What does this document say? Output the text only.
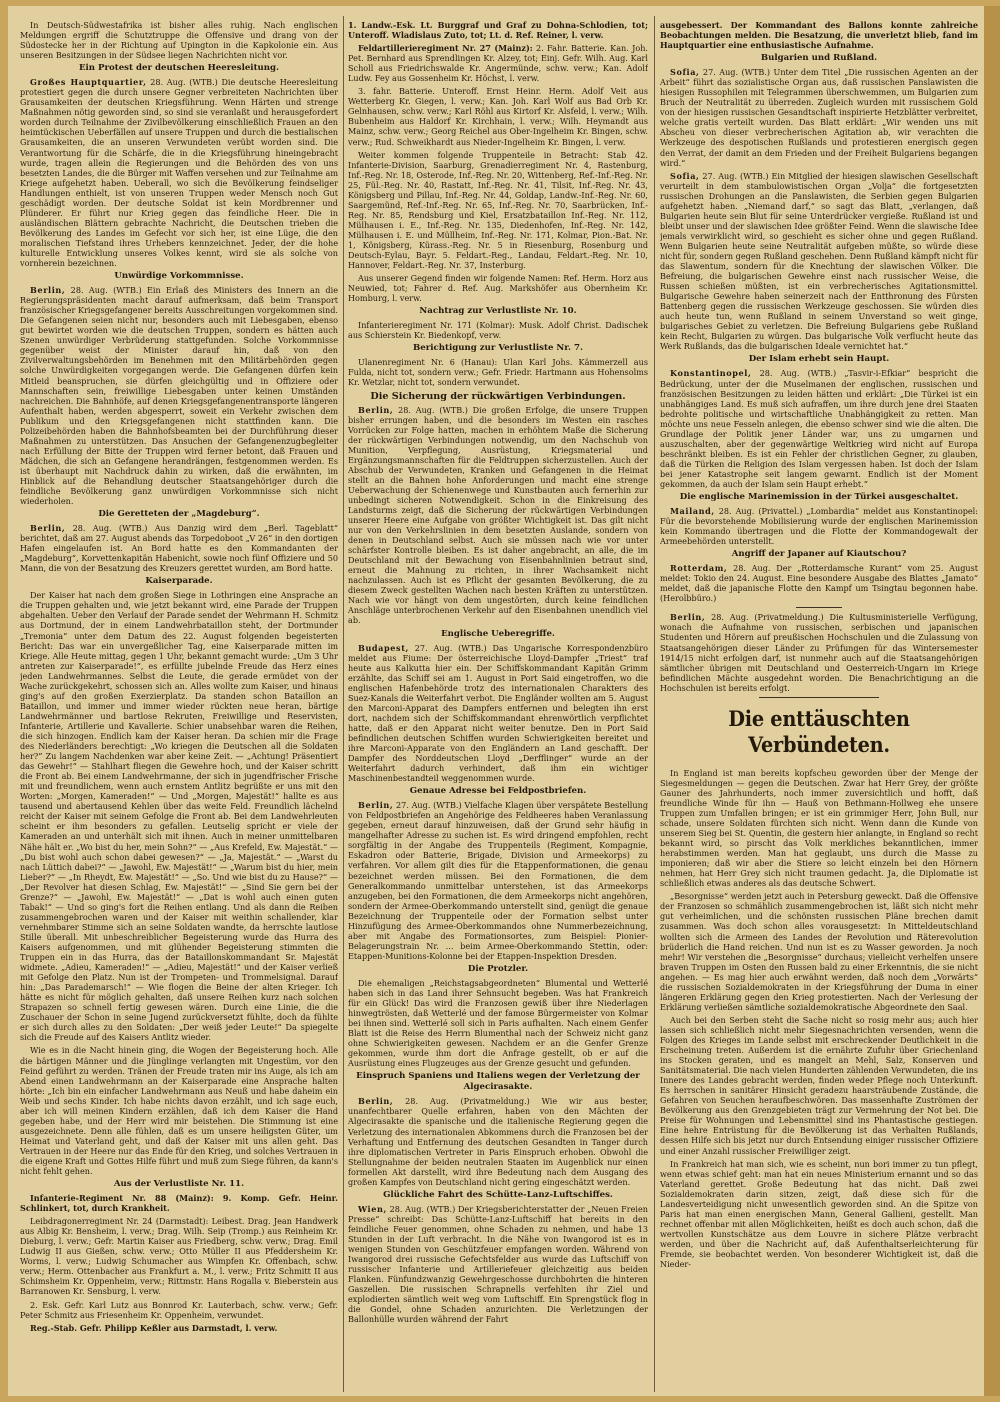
In Deutsch-Südwestafrika ist bisher alles ruhig. Nach englischen Meldungen ergriff die Schutztruppe die Offensive und drang von der Südostecke her in der Richtung auf Upington in die Kapkolonie ein. Aus unseren Besitzungen in der Südsee liegen Nachrichten nicht vor.

Ein Protest der deutschen Heeresleitung.

Großes Hauptquartier, 28. Aug. (WTB.) Die deutsche Heeresleitung protestiert gegen die durch unsere Gegner verbreiteten Nachrichten über Grausamkeiten der deutschen Kriegsführung. Wenn Härten und strenge Maßnahmen nötig geworden sind, so sind sie veranlaßt und herausgefordert worden durch Teilnahme der Zivilbevölkerung einschließlich Frauen an den heimtückischen Ueberfällen auf unsere Truppen und durch die bestialischen Grausamkeiten, die an unseren Verwundeten verübt worden sind. Die Verantwortung für die Schärfe, die in die Kriegsführung hineingebracht wurde, tragen allein die Regierungen und die Behörden des von uns besetzten Landes, die die Bürger mit Waffen versehen und zur Teilnahme am Kriege aufgehetzt haben. Ueberall, wo sich die Bevölkerung feindseliger Handlungen enthielt, ist von unseren Truppen weder Mensch noch Gut geschädigt worden. Der deutsche Soldat ist kein Mordbrenner und Plünderer. Er führt nur Krieg gegen das feindliche Heer. Die in ausländischen Blättern gebrachte Nachricht, die Deutschen trieben die Bevölkerung des Landes im Gefecht vor sich her, ist eine Lüge, die den moralischen Tiefstand ihres Urhebers kennzeichnet. Jeder, der die hohe kulturelle Entwicklung unseres Volkes kennt, wird sie als solche von vornherein bezeichnen.

Unwürdige Vorkommnisse.

Berlin, 28. Aug. (WTB.) Ein Erlaß des Ministers des Innern an die Regierungspräsidenten macht darauf aufmerksam, daß beim Transport französischer Kriegsgefangener bereits Ausschreitungen vorgekommen sind. Die Gefangenen seien nicht nur, besonders auch mit Liebesgaben, ebenso gut bewirtet worden wie die deutschen Truppen, sondern es hätten auch Szenen unwürdiger Verbrüderung stattgefunden. Solche Vorkommnisse gegenüber weist der Minister darauf hin, daß von den Zivilverwaltungsbehörden im Benehmen mit den Militärbehörden gegen solche Unwürdigkeiten vorgegangen werde. Die Gefangenen dürfen kein Mitleid beanspruchen, sie dürfen gleichgültig und in Offiziere oder Mannschaften sein, freiwillige Liebesgaben unter keinen Umständen nachreichen. Die Bahnhöfe, auf denen Kriegsgefangenentransporte längeren Aufenthalt haben, werden abgesperrt, soweit ein Verkehr zwischen dem Publikum und den Kriegsgefangenen nicht stattfinden kann. Die Polizeibehörden haben die Bahnhofsbeamten bei der Durchführung dieser Maßnahmen zu unterstützen. Das Ansuchen der Gefangenenzugbegleiter nach Erfüllung der Bitte der Truppen wird ferner betont, daß Frauen und Mädchen, die sich an Gefangene herandrängen, festgenommen werden. Es ist überhaupt mit Nachdruck dahin zu wirken, daß die erwähnten, im Hinblick auf die Behandlung deutscher Staatsangehöriger durch die feindliche Bevölkerung ganz unwürdigen Vorkommnisse sich nicht wiederholen.

Die Geretteten der „Magdeburg“.

Berlin, 28. Aug. (WTB.) Aus Danzig wird dem „Berl. Tageblatt“ berichtet, daß am 27. August abends das Torpedoboot „V 26“ in den dortigen Hafen eingelaufen ist. An Bord hatte es den Kommandanten der „Magdeburg“, Korvettenkapitän Habenicht, sowie noch fünf Offiziere und 50 Mann, die von der Besatzung des Kreuzers gerettet wurden, am Bord hatte.

Kaiserparade.

Der Kaiser hat nach dem großen Siege in Lothringen eine Ansprache an die Truppen gehalten und, wie jetzt bekannt wird, eine Parade der Truppen abgehalten. Ueber den Verlauf der Parade sendet der Wehrmann H. Schmitz aus Dortmund, der in einem Landwehrbataillon steht, der Dortmunder „Tremonia“ unter dem Datum des 22. August folgenden begeisterten Bericht: Das war ein unvergeßlicher Tag, eine Kaiserparade mitten im Kriege. Alle Heute mittag, gegen 1 Uhr, bekannt gemacht wurde: „Um 3 Uhr antreten zur Kaiserparade!“, es erfüllte jubelnde Freude das Herz eines jeden Landwehrmannes. Selbst die Leute, die gerade ermüdet von der Wache zurückgekehrt, schossen sich an. Alles wollte zum Kaiser, und hinaus ging's auf den großen Exerzierplatz. Da standen schon Bataillon an Bataillon, und immer und immer wieder rückten neue heran, bärtige Landwehrmänner und bartlose Rekruten, Freiwillige und Reservisten, Infanterie, Artillerie und Kavallerie. Schier unabsehbar waren die Reihen, die sich hinzogen. Endlich kam der Kaiser heran. Da schien mir die Frage des Niederländers berechtigt: „Wo kriegen die Deutschen all die Soldaten her?“ Zu langem Nachdenken war aber keine Zeit. — „Achtung! Präsentiert das Gewehr!“ — Stahlhart fliegen die Gewehre hoch, und der Kaiser schritt die Front ab. Bei einem Landwehrmanne, der sich in jugendfrischer Frische mit und freundlichem, wenn auch ernstem Antlitz begrüßte er uns mit den Worten: „Morgen, Kameraden!“ — Und „Morgen, Majestät!“ hallte es aus tausend und abertausend Kehlen über das weite Feld. Freundlich lächelnd reicht der Kaiser mit seinem Gefolge die Front ab. Bei dem Landwehrleuten scheint er ihm besonders zu gefallen. Leutselig spricht er viele der Kameraden an und unterhält sich mit ihnen. Auch in meiner unmittelbaren Nähe hält er. „Wo bist du her, mein Sohn?“ — „Aus Krefeld, Ew. Majestät.“ — „Du bist wohl auch schon dabei gewesen?“ — „Ja, Majestät.“ — „Warst du nach Lüttich dabei?“ — „Jawohl, Ew. Majestät!“ — „Warum bist du hier, mein Lieber?“ — „In Rheydt, Ew. Majestät!“ — „So. Und wie bist du zu Hause?“ — „Der Revolver hat diesen Schlag, Ew. Majestät!“ — „Sind Sie gern bei der Grenze?“ — „Jawohl, Ew. Majestät!“ — „Dat is wohl auch einen guten Tabak!“ — Und so ging's fort die Reihen entlang. Und als dann die Reiben zusammengebrochen waren und der Kaiser mit weithin schallender, klar vernehmbarer Stimme sich an seine Soldaten wandte, da herrschte lautlose Stille überall. Mit unbeschreiblicher Begeisterung wurde das Hurra des Kaisers aufgenommen, und mit glühender Begeisterung stimmten die Truppen ein in das Hurra, das der Bataillonskommandant Sr. Majestät widmete. „Adieu, Kameraden!“ — „Adieu, Majestät!“ und der Kaiser verließ mit Gefolge den Platz. Nun ist der Trompeten- und Trommelsignal. Darauf hin: „Das Parademarsch!“ — Wie flogen die Beine der alten Krieger. Ich hätte es nicht für möglich gehalten, daß unsere Reihen kurz nach solchen Strapazen so schnell fertig gewesen wären. Durch eine Linie, die die Zuschauer der Schon in seine Jugend zurückversetzt fühlte, doch da fühlte er sich durch alles zu den Soldaten: „Der weiß jeder Leute!“ Da spiegelte sich die Freude auf des Kaisers Antlitz wieder.

Wie es in die Nacht hinein ging, die Wogen der Begeisterung hoch. Alle die bärtigen Männer und die Jünglinge verlangten mit Ungestüm, vor den Feind geführt zu werden. Tränen der Freude traten mir ins Auge, als ich am Abend einen Landwehrmann an der Kaiserparade eine Ansprache halten hörte: „Ich bin ein einfacher Landwehrmann aus Neuß und habe daheim ein Weib und sechs Kinder. Ich habe nichts davon erzählt, und ich sage euch, aber ich will meinen Kindern erzählen, daß ich dem Kaiser die Hand gegeben habe, und der Herr wird mir beistehen. Die Stimmung ist eine ausgezeichnete. Denn alle fühlen, daß es um unsere heiligsten Güter, um Heimat und Vaterland geht, und daß der Kaiser mit uns allen geht. Das Vertrauen in der Heere nur das Ende für den Krieg, und solches Vertrauen in die eigene Kraft und Gottes Hilfe führt und muß zum Siege führen, da kann's nicht fehlt gehen.

Aus der Verlustliste Nr. 11.

Infanterie-Regiment Nr. 88 (Mainz): 9. Komp. Gefr. Heinr. Schlinkert, tot, durch Krankheit.

Leibdragonerregiment Nr. 24 (Darmstadt): Leibest. Drag. Jean Handwerk aus Albig Kr. Bensheim, l. verw.; Drag. Wilh. Seip (Tromp.) aus Reinheim Kr. Dieburg, l. verw.; Gefr. Martin Kaiser aus Friedberg, schw. verw.; Drag. Emil Ludwig II aus Gießen, schw. verw.; Otto Müller II aus Pfeddersheim Kr. Worms, l. verw.; Ludwig Schumacher aus Wimpfen Kr. Offenbach, schw. verw.; Herm. Ottenbacher aus Frankfurt a. M., l. verw.; Fritz Schmitt II aus Schimsheim Kr. Oppenheim, verw.; Rittmstr. Hans Rogalla v. Bieberstein aus Barranowen Kr. Sensburg, l. verw.

2. Esk. Gefr. Karl Lutz aus Bonnrod Kr. Lauterbach, schw. verw.; Gefr. Peter Schmitz aus Friesenheim Kr. Oppenheim, verwundet.

Reg.-Stab. Gefr. Philipp Keßler aus Darmstadt, l. verw.

1. Landw.-Esk. Lt. Burggraf und Graf zu Dohna-Schlodien, tot; Unteroff. Wladislaus Zuto, tot; Lt. d. Ref. Reiner, l. verw.

Feldartillerieregiment Nr. 27 (Mainz): 2. Fahr. Batterie. Kan. Joh. Pet. Bernhard aus Sprendlingen Kr. Alzey, tot; Einj. Gefr. Wilh. Aug. Karl Scholl aus Friedrichswalde Kr. Angermünde, schw. verw.; Kan. Adolf Ludw. Fey aus Gossenheim Kr. Höchst, l. verw.

3. fahr. Batterie. Unteroff. Ernst Heinr. Herm. Adolf Veit aus Wetterberg Kr. Giegen, l. verw.; Kan. Joh. Karl Wolf aus Bad Orb Kr. Gelnhausen, schw. verw.; Karl Röhl aus Kirtorf Kr. Alsfeld, l. verw.; Wilh. Bubenheim aus Haldorf Kr. Kirchhain, l. verw.; Wilh. Heymandt aus Mainz, schw. verw.; Georg Reichel aus Ober-Ingelheim Kr. Bingen, schw. verw.; Rud. Schweikhardt aus Nieder-Ingelheim Kr. Bingen, l. verw.

Weiter kommen folgende Truppenteile in Betracht: Stab 42. Infanterie-Division, Saarburg, Grenadierregiment Nr. 4, Rastenburg, Inf.-Reg. Nr. 18, Osterode, Inf.-Reg. Nr. 20, Wittenberg, Ref.-Inf.-Reg. Nr. 25, Fül.-Reg. Nr. 40, Rastatt, Inf.-Reg. Nr. 41, Tilsit, Inf.-Reg. Nr. 43, Königsberg und Pillau, Inf.-Reg. Nr. 44, Goldap, Landw.-Inf.-Reg. Nr. 60, Saargemünd, Ref.-Inf.-Reg. Nr. 65, Inf.-Reg. Nr. 70, Saarbrücken, Inf.-Reg. Nr. 85, Rendsburg und Kiel, Ersatzbataillon Inf.-Reg. Nr. 112, Mülhausen i. E., Inf.-Reg. Nr. 135, Diedenhofen, Inf.-Reg. Nr. 142, Mülhausen i. E. und Müllheim, Inf.-Reg. Nr. 171, Kolmar, Pion.-Bat. Nr. 1, Königsberg, Kürass.-Reg. Nr. 5 in Riesenburg, Rosenburg und Deutsch-Eylau, Bayr. 5. Feldart.-Reg., Landau, Feldart.-Reg. Nr. 10, Hannover, Feldart.-Reg. Nr. 37, Insterburg.

Aus unserer Gegend finden wir folgende Namen: Ref. Herm. Horz aus Neuwied, tot; Fahrer d. Ref. Aug. Markshöfer aus Obernheim Kr. Homburg, l. verw.

Nachtrag zur Verlustliste Nr. 10.

Infanterieregiment Nr. 171 (Kolmar): Musk. Adolf Christ. Dadischek aus Schierstein Kr. Biedenkopf, verw.

Berichtigung zur Verlustliste Nr. 7.

Ulanenregiment Nr. 6 (Hanau): Ulan Karl Johs. Kämmerzell aus Fulda, nicht tot, sondern verw.; Gefr. Friedr. Hartmann aus Hohensolms Kr. Wetzlar, nicht tot, sondern verwundet.

Die Sicherung der rückwärtigen Verbindungen.

Berlin, 28. Aug. (WTB.) Die großen Erfolge, die unsere Truppen bisher errungen haben, und die besonders im Westen ein rasches Vorrücken zur Folge hatten, machen in erhöhtem Maße die Sicherung der rückwärtigen Verbindungen notwendig, um den Nachschub von Munition, Verpflegung, Ausrüstung, Kriegsmaterial und Ergänzungsmannschaften für die Feldtruppen sicherzustellen. Auch der Abschub der Verwundeten, Kranken und Gefangenen in die Heimat stellt an die Bahnen hohe Anforderungen und macht eine strenge Ueberwachung der Schienenwege und Kunstbauten auch fernerhin zur unbedingt sicheren Notwendigkeit. Schon in die Einkreisung des Landsturms zeigt, daß die Sicherung der rückwärtigen Verbindungen unserer Heere eine Aufgabe von größter Wichtigkeit ist. Das gilt nicht nur von den Verkehrslinien in dem besetzten Auslande, sondern von denen in Deutschland selbst. Auch sie müssen nach wie vor unter schärfster Kontrolle bleiben. Es ist daher angebracht, an alle, die im Deutschland mit der Bewachung von Eisenbahnlinien betraut sind, erneut die Mahnung zu richten, in ihrer Wachsamkeit nicht nachzulassen. Auch ist es Pflicht der gesamten Bevölkerung, die zu diesem Zweck gestellten Wachen nach besten Kräften zu unterstützen. Nach wie vor hängt von dem ungestörten, durch keine feindlichen Anschläge unterbrochenen Verkehr auf den Eisenbahnen unendlich viel ab.

Englische Ueberegriffe.

Budapest, 27. Aug. (WTB.) Das Ungarische Korrespondenzbüro meldet aus Fiume: Der österreichische Lloyd-Dampfer „Triest“ traf heute aus Kalkutta hier ein. Der Schiffskommandant Kapitän Grimm erzählte, das Schiff sei am 1. August in Port Said eingetroffen, wo die englischen Hafenbehörde trotz des internationalen Charakters des Suez-Kanals die Weiterfahrt verbot. Die Engländer wollten am 5. August den Marconi-Apparat des Dampfers entfernen und belegten ihn erst dort, nachdem sich der Schiffskommandant ehrenwörtlich verpflichtet hatte, daß er den Apparat nicht weiter benutze. Den in Port Said befindlichen deutschen Schiffen wurden Schwierigkeiten bereitet und ihre Marconi-Apparate von den Engländern an Land geschafft. Der Dampfer des Norddeutschen Lloyd „Derfflinger“ wurde an der Weiterfahrt dadurch verhindert, daß ihm ein wichtiger Maschinenbestandteil weggenommen wurde.

Genaue Adresse bei Feldpostbriefen.

Berlin, 27. Aug. (WTB.) Vielfache Klagen über verspätete Bestellung von Feldpostbriefen an Angehörige des Feldheeres haben Veranlassung gegeben, erneut darauf hinzuweisen, daß der Grund sehr häufig in mangelhafter Adresse zu suchen ist. Es wird dringend empfohlen, recht sorgfältig in der Angabe des Truppenteils (Regiment, Kompagnie, Eskadron oder Batterie, Brigade, Division und Armeekorps) zu verfahren. Vor allem gilt dies für die Etappenformationen, die genau bezeichnet werden müssen. Bei den Formationen, die dem Generalkommando unmittelbar unterstehen, ist das Armeekorps anzugeben, bei den Formationen, die dem Armeekorps nicht angehören, sondern der Armee-Oberkommando unterstellt sind, genügt die genaue Bezeichnung der Truppenteile oder der Formation selbst unter Hinzufügung des Armee-Oberkommandos ohne Nummerbezeichnung, aber mit Angabe des Formationsortes, zum Beispiel: Pionier-Belagerungstrain Nr. ... beim Armee-Oberkommando Stettin, oder: Etappen-Munitions-Kolonne bei der Etappen-Inspektion Dresden.

Die Protzler.

Die ehemaligen „Reichstagsabgeordneten“ Blumental und Wetterlé haben sich in das Land ihrer Sehnsucht begeben. Was hat Frankreich für ein Glück! Das wird die Franzosen gewiß über ihre Niederlagen hinwegtrösten, daß Wetterlé und der famose Bürgermeister von Kolmar bei ihnen sind. Wetterlé soll sich in Paris aufhalten. Nach einem Genfer Blatt ist die Reise des Herrn Blumenthal nach der Schweiz nicht ganz ohne Schwierigkeiten gewesen. Nachdem er an die Genfer Grenze gekommen, wurde ihm dort die Anfrage gestellt, ob er auf die Ausrüstung eines Flugzeuges aus der Grenze gesucht und gefunden.

Einspruch Spaniens und Italiens wegen der Verletzung der Algecirasakte.

Berlin, 28. Aug. (Privatmeldung.) Wie wir aus bester, unanfechtbarer Quelle erfahren, haben von den Mächten der Algecirasakte die spanische und die italienische Regierung gegen die Verletzung des internationalen Abkommens durch die Franzosen bei der Verhaftung und Entfernung des deutschen Gesandten in Tanger durch ihre diplomatischen Vertreter in Paris Einspruch erhoben. Obwohl die Stellungnahme der beiden neutralen Staaten im Augenblick nur einen formellen Akt darstellt, wird ihre Bedeutung nach dem Ausgang des großen Kampfes von Deutschland nicht gering eingeschätzt werden.

Glückliche Fahrt des Schütte-Lanz-Luftschiffes.

Wien, 28. Aug. (WTB.) Der Kriegsberichterstatter der „Neuen Freien Presse“ schreibt: Das Schütte-Lanz-Luftschiff hat bereits in den feindliche Feuer genommen, ohne Schaden zu nehmen, und habe 13 Stunden in der Luft verbracht. In die Nähe von Iwangorod ist es in wenigen Stunden von Geschützfeuer empfangen worden. Während von Iwangorod drei russische Gefechtsfelder aus wurde das Luftschiff von russischer Infanterie und Artilleriefeuer gleichzeitig aus beiden Flanken. Fünfundzwanzig Gewehrgeschosse durchbohrten die hinteren Gaszellen. Die russischen Schrapnells verfehlten ihr Ziel und explodierten sämtlich weit weg vom Luftschiff. Ein Sprengstück flog in die Gondel, ohne Schaden anzurichten. Die Verletzungen der Ballonhülle wurden während der Fahrt

ausgebessert. Der Kommandant des Ballons konnte zahlreiche Beobachtungen melden. Die Besatzung, die unverletzt blieb, fand im Hauptquartier eine enthusiastische Aufnahme.

Bulgarien und Rußland.

Sofia, 27. Aug. (WTB.) Unter dem Titel „Die russischen Agenten an der Arbeit“ führt das sozialistische Organ aus, daß russischen Panslawisten die hiesigen Russophilen mit Telegrammen überschwemmen, um Bulgarien zum Bruch der Neutralität zu überreden. Zugleich wurden mit russischem Gold von der hiesigen russischen Gesandtschaft inspirierte Hetzblätter verbreitet, welche gratis verteilt wurden. Das Blatt erklärt: „Wir wenden uns mit Abscheu von dieser verbrecherischen Agitation ab, wir verachten die Werkzeuge des despotischen Rußlands und protestieren energisch gegen den Verrat, der damit an dem Frieden und der Freiheit Bulgariens begangen wird.“

Sofia, 27. Aug. (WTB.) Ein Mitglied der hiesigen slawischen Gesellschaft verurteilt in dem stambulowistischen Organ „Volja“ die fortgesetzten russischen Drohungen an die Panslawisten, die Serbien gegen Bulgarien aufgehetzt haben. „Niemand darf,“ so sagt das Blatt, „verlangen, daß Bulgarien heute sein Blut für seine Unterdrücker vergieße. Rußland ist und bleibt unser und der slawischen Idee größter Feind. Wenn die slawische Idee jemals verwirklicht wird, so geschieht es sicher ohne und gegen Rußland. Wenn Bulgarien heute seine Neutralität aufgeben müßte, so würde diese nicht für, sondern gegen Rußland geschehen. Denn Rußland kämpft nicht für das Slawentum, sondern für die Knechtung der slawischen Völker. Die Befreiung, die bulgarischen Gewehre einst nach russischer Weise, die Russen schießen müßten, ist ein verbrecherisches Agitationsmittel. Bulgarische Gewehre haben seinerzeit nach der Entthronung des Fürsten Battenberg gegen die russischen Werkzeuge geschossen. Sie würden dies auch heute tun, wenn Rußland in seinem Unverstand so weit ginge, bulgarisches Gebiet zu verletzen. Die Befreiung Bulgariens gebe Rußland kein Recht, Bulgarien zu würgen. Das bulgarische Volk verflucht heute das Werk Rußlands, das die bulgarischen Ideale vernichtet hat.“

Der Islam erhebt sein Haupt.

Konstantinopel, 28. Aug. (WTB.) „Tasvir-i-Efkiar“ bespricht die Bedrückung, unter der die Muselmanen der englischen, russischen und französischen Besitzungen zu leiden hätten und erklärt: „Die Türkei ist ein unabhängiges Land. Es muß sich aufraffen, um ihre durch jene drei Staaten bedrohte politische und wirtschaftliche Unabhängigkeit zu retten. Man möchte uns neue Fesseln anlegen, die ebenso schwer sind wie die alten. Die Grundlage der Politik jener Länder war, uns zu umgarnen und auszuschalten, aber der gegenwärtige Weltkrieg wird nicht auf Europa beschränkt bleiben. Es ist ein Fehler der christlichen Gegner, zu glauben, daß die Türken die Religion des Islam vergessen haben. Ist doch der Islam bei jener Katastrophe seit langem gewarnt. Endlich ist der Moment gekommen, da auch der Islam sein Haupt erhebt.“

Die englische Marinemission in der Türkei ausgeschaltet.

Mailand, 28. Aug. (Privattel.) „Lombardia“ meldet aus Konstantinopel: Für die bevorstehende Mobilisierung wurde der englischen Marinemission kein Kommando übertragen und die Flotte der Kommandogewalt der Armeebehörden unterstellt.

Angriff der Japaner auf Kiautschou?

Rotterdam, 28. Aug. Der „Rotterdamsche Kurant“ vom 25. August meldet: Tokio den 24. August. Eine besondere Ausgabe des Blattes „Jamato“ meldet, daß die japanische Flotte den Kampf um Tsingtau begonnen habe. (Herolbbüro.)

Berlin, 28. Aug. (Privatmeldung.) Die Kultusministerielle Verfügung, wonach die Aufnahme von russischen, serbischen und japanischen Studenten und Hörern auf preußischen Hochschulen und die Zulassung von Staatsangehörigen dieser Länder zu Prüfungen für das Wintersemester 1914/15 nicht erfolgen darf, ist nunmehr auch auf die Staatsangehörigen sämtlicher übrigen mit Deutschland und Oesterreich-Ungarn im Kriege befindlichen Mächte ausgedehnt worden. Die Benachrichtigung an die Hochschulen ist bereits erfolgt.

Die enttäuschten Verbündeten.

In England ist man bereits kopfscheu geworden über der Menge der Siegesmeldungen — gegen die Deutschen. Zwar hat Herr Grey, der größte Gauner des Jahrhunderts, noch immer zuversichtlich und hofft, daß freundliche Winde für ihn — Hauß von Bethmann-Hollweg ehe unsere Truppen zum Umfallen bringen; er ist ein grimmiger Herr, John Bull, nur schade, unsere Soldaten fürchten sich nicht. Wenn dann die Kunde von unserem Sieg bei St. Quentin, die gestern hier anlangte, in England so recht bekannt wird, so pirscht das Volk merkliches bekanntlichen, immer herabstimmen werden. Man hat geglaubt, uns durch die Masse zu imponieren; daß wir aber die Stiere so leicht einzeln bei den Hörnern nehmen, hat Herr Grey sich nicht traumen gedacht. Ja, die Diplomatie ist schließlich etwas anderes als das deutsche Schwert.

„Besorgnisse“ werden jetzt auch in Petersburg geweckt. Daß die Offensive der Franzosen so schmählich zusammengebrochen ist, läßt sich nicht mehr gut verheimlichen, und die schönsten russischen Pläne brechen damit zusammen. Was doch schon alles vorausgesetzt: In Mitteldeutschland wollten sich die Armeen des Landes der Revolution und Räterevolution brüderlich die Hand reichen. Und nun ist es zu Wasser geworden. Ja noch mehr! Wir verstehen die „Besorgnisse“ durchaus; vielleicht verhelfen unsere braven Truppen im Osten den Russen bald zu einer Erkenntnis, die sie nicht angehen. — Es mag hier auch erwähnt werden, daß noch dem „Vorwärts“ die russischen Sozialdemokraten in der Kriegsführung der Duma in einer längeren Erklärung gegen den Krieg protestierten. Nach der Verlesung der Erklärung verließen sämtliche sozialdemokratische Abgeordnete den Saal.

Auch bei den Serben steht die Sache nicht so rosig mehr aus; auch hier lassen sich schließlich nicht mehr Siegesnachrichten versenden, wenn die Folgen des Krieges im Lande selbst mit erschreckender Deutlichkeit in die Erscheinung treten. Außerdem ist die ernährte Zufuhr über Griechenland ins Stocken geraten, und es mangelt an Mehl, Salz, Konserven und Sanitätsmaterial. Die nach vielen Hunderten zählenden Verwundeten, die ins Innere des Landes gebracht werden, finden weder Pflege noch Unterkunft. Es herrschen in sanitärer Hinsicht geradezu haarsträubende Zustände, die Gefahren von Seuchen heraufbeschwören. Das massenhafte Zuströmen der Bevölkerung aus den Grenzgebieten trägt zur Vermehrung der Not bei. Die Preise für Wohnungen und Lebensmittel sind ins Phantastische gestiegen. Eine hehre Entrüstung für die Bevölkerung ist das Verhalten Rußlands, dessen Hilfe sich bis jetzt nur durch Entsendung einiger russischer Offiziere und einer Anzahl russischer Freiwilliger zeigt.

In Frankreich hat man sich, wie es scheint, nun bori immer zu tun pflegt, wenn etwas schief geht: man hat ein neues Ministerium ernannt und so das Vaterland gerettet. Große Bedeutung hat das nicht. Daß zwei Sozialdemokraten darin sitzen, zeigt, daß diese sich für die Landesverteidigung nicht unwesentlich geworden sind. An die Spitze von Paris hat man einen energischen Mann, General Gallieni, gestellt. Man rechnet offenbar mit allen Möglichkeiten, heißt es doch auch schon, daß die wertvollen Kunstschätze aus dem Louvre in sichere Plätze verbracht werden, und über die Nachricht auf, daß Aufenthaltserleichterung für Fremde, sie beobachtet werden. Von besonderer Wichtigkeit ist, daß die Nieder-
